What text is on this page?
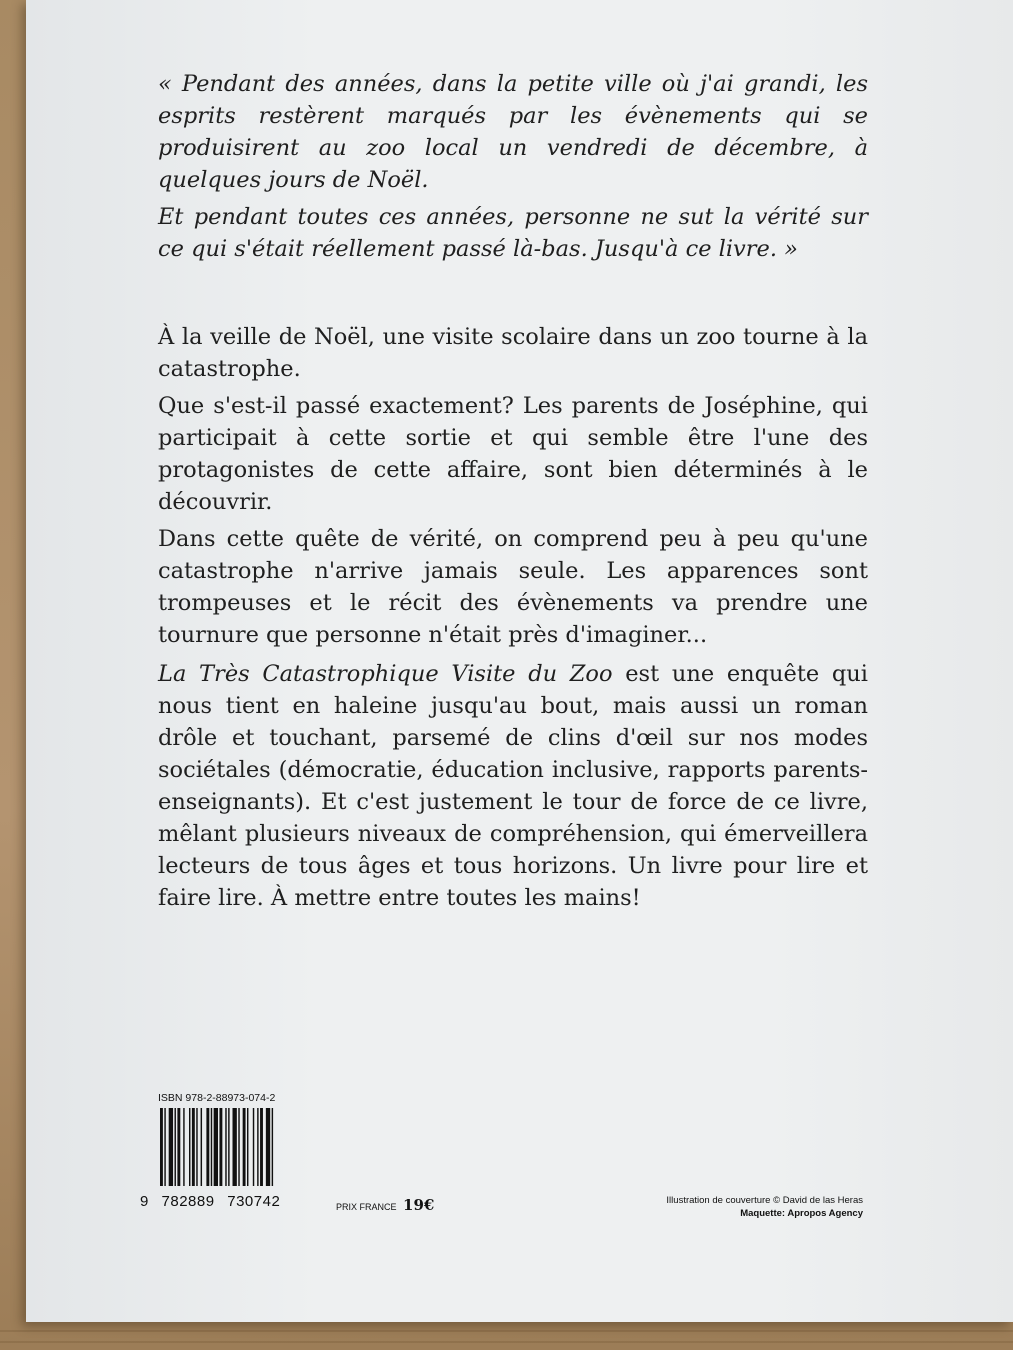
« Pendant des années, dans la petite ville où j'ai grandi, les esprits restèrent marqués par les évènements qui se produisirent au zoo local un vendredi de décembre, à quelques jours de Noël.

Et pendant toutes ces années, personne ne sut la vérité sur ce qui s'était réellement passé là-bas. Jusqu'à ce livre. »

À la veille de Noël, une visite scolaire dans un zoo tourne à la catastrophe.

Que s'est-il passé exactement? Les parents de Joséphine, qui participait à cette sortie et qui semble être l'une des protagonistes de cette affaire, sont bien déterminés à le découvrir.

Dans cette quête de vérité, on comprend peu à peu qu'une catastrophe n'arrive jamais seule. Les apparences sont trompeuses et le récit des évènements va prendre une tournure que personne n'était près d'imaginer...

La Très Catastrophique Visite du Zoo est une enquête qui nous tient en haleine jusqu'au bout, mais aussi un roman drôle et touchant, parsemé de clins d'œil sur nos modes sociétales (démocratie, éducation inclusive, rapports parents-enseignants). Et c'est justement le tour de force de ce livre, mêlant plusieurs niveaux de compréhension, qui émerveillera lecteurs de tous âges et tous horizons. Un livre pour lire et faire lire. À mettre entre toutes les mains!

ISBN 978-2-88973-074-2
9 782889 730742	PRIX FRANCE 19€	Illustration de couverture © David de las Heras
Maquette: Apropos Agency
